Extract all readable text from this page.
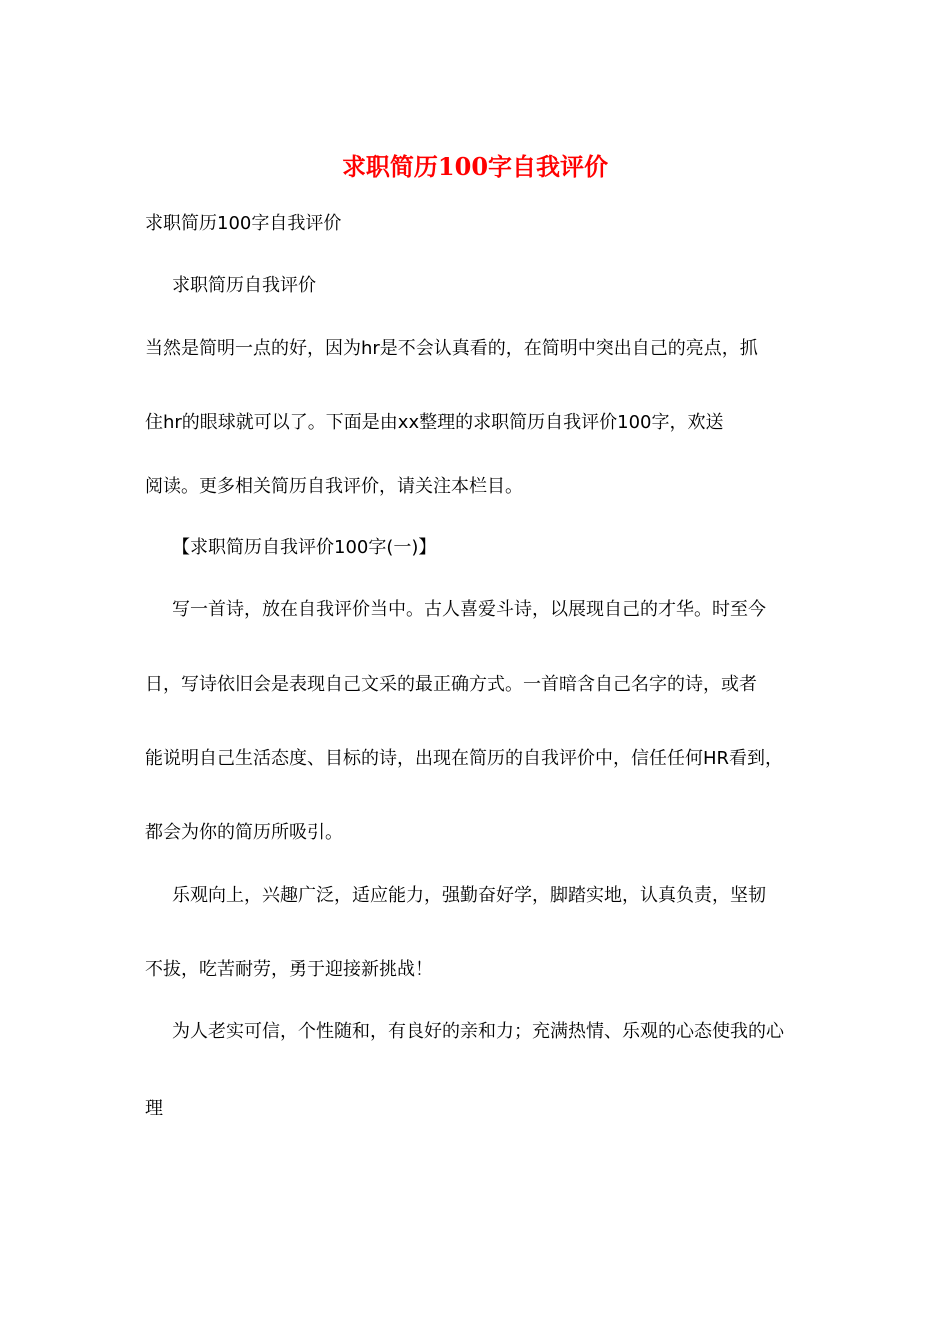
求职简历100字自我评价
求职简历100字自我评价
求职简历自我评价
当然是简明一点的好，因为hr是不会认真看的，在简明中突出自己的亮点，抓
住hr的眼球就可以了。下面是由xx整理的求职简历自我评价100字，欢送
阅读。更多相关简历自我评价，请关注本栏目。
【求职简历自我评价100字(一)】
写一首诗，放在自我评价当中。古人喜爱斗诗，以展现自己的才华。时至今
日，写诗依旧会是表现自己文采的最正确方式。一首暗含自己名字的诗，或者
能说明自己生活态度、目标的诗，出现在简历的自我评价中，信任任何HR看到，
都会为你的简历所吸引。
乐观向上，兴趣广泛，适应能力，强勤奋好学，脚踏实地，认真负责，坚韧
不拔，吃苦耐劳，勇于迎接新挑战！
为人老实可信，个性随和，有良好的亲和力；充满热情、乐观的心态使我的心
理
